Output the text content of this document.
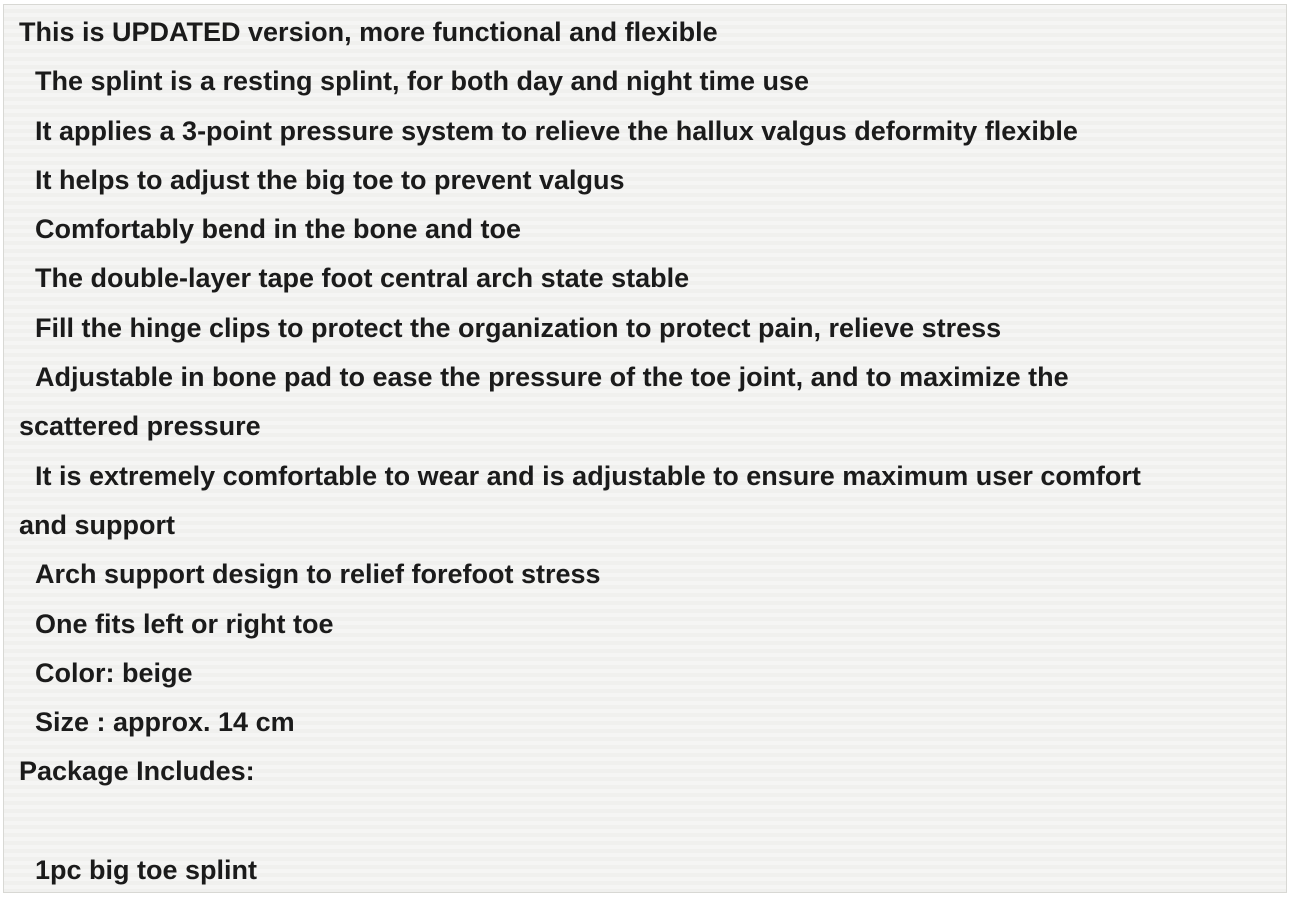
This is UPDATED version, more functional and flexible
The splint is a resting splint, for both day and night time use
It applies a 3-point pressure system to relieve the hallux valgus deformity flexible
It helps to adjust the big toe to prevent valgus
Comfortably bend in the bone and toe
The double-layer tape foot central arch state stable
Fill the hinge clips to protect the organization to protect pain, relieve stress
Adjustable in bone pad to ease the pressure of the toe joint, and to maximize the
scattered pressure
It is extremely comfortable to wear and is adjustable to ensure maximum user comfort
and support
Arch support design to relief forefoot stress
One fits left or right toe
Color: beige
Size : approx. 14 cm
Package Includes:
1pc big toe splint
